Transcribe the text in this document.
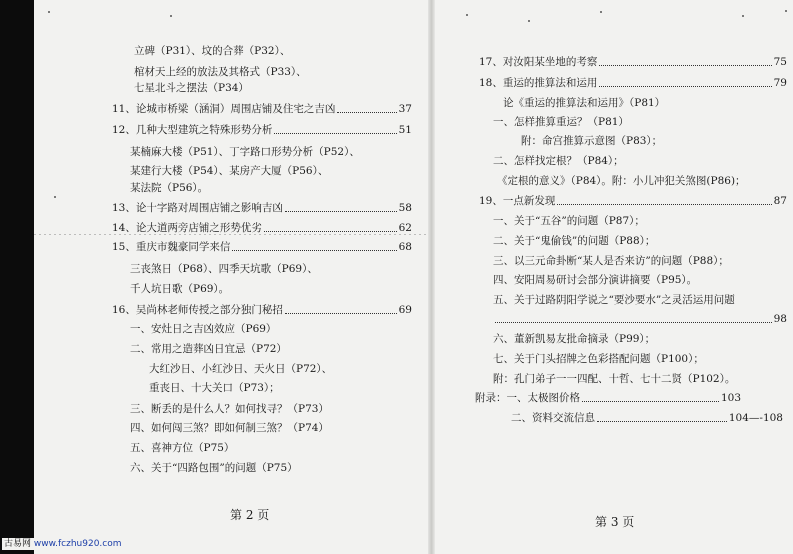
立碑（P31）、坟的合葬（P32）、
棺材天上经的放法及其格式（P33）、
七星北斗之摆法（P34）
11、论城市桥梁（涵洞）周围店铺及住宅之吉凶	37
12、几种大型建筑之特殊形势分析	51
某楠麻大楼（P51）、丁字路口形势分析（P52）、
某建行大楼（P54）、某房产大厦（P56）、
某法院（P56）。
13、论十字路对周围店铺之影响吉凶	58
14、论大道两旁店铺之形势优劣	62
15、重庆市魏豪同学来信	68
三丧煞日（P68）、四季天坑歌（P69）、
千人坑日歌（P69）。
16、吴尚林老师传授之部分独门秘招	69
一、安灶日之吉凶效应（P69）
二、常用之造葬凶日宜忌（P72）
大红沙日、小红沙日、天火日（P72）、
重丧日、十大关口（P73）；
三、断丢的是什么人？如何找寻？（P73）
四、如何闯三煞？即如何制三煞？（P74）
五、喜神方位（P75）
六、关于“四路包围”的问题（P75）
第 2 页
17、对汝阳某坐地的考察	75
18、重运的推算法和运用	79
论《重运的推算法和运用》（P81）
一、怎样推算重运？（P81）
附：命宫推算示意图（P83）；
二、怎样找定根？（P84）；
《定根的意义》（P84）。附：小儿冲犯关煞图(P86)；
19、一点新发现	87
一、关于“五谷”的问题（P87）；
二、关于“鬼偷钱”的问题（P88）；
三、以三元命卦断“某人是否来访”的问题（P88）；
四、安阳周易研讨会部分演讲摘要（P95）。
五、关于过路阴阳学说之“要沙要水”之灵活运用问题
98
六、董新凯易友批命摘录（P99）；
七、关于门头招牌之色彩搭配问题（P100）；
附：孔门弟子一一四配、十哲、七十二贤（P102）。
附录：一、太极图价格	103
二、资料交流信息	104—-108
第 3 页
古易网 www.fczhu920.com
